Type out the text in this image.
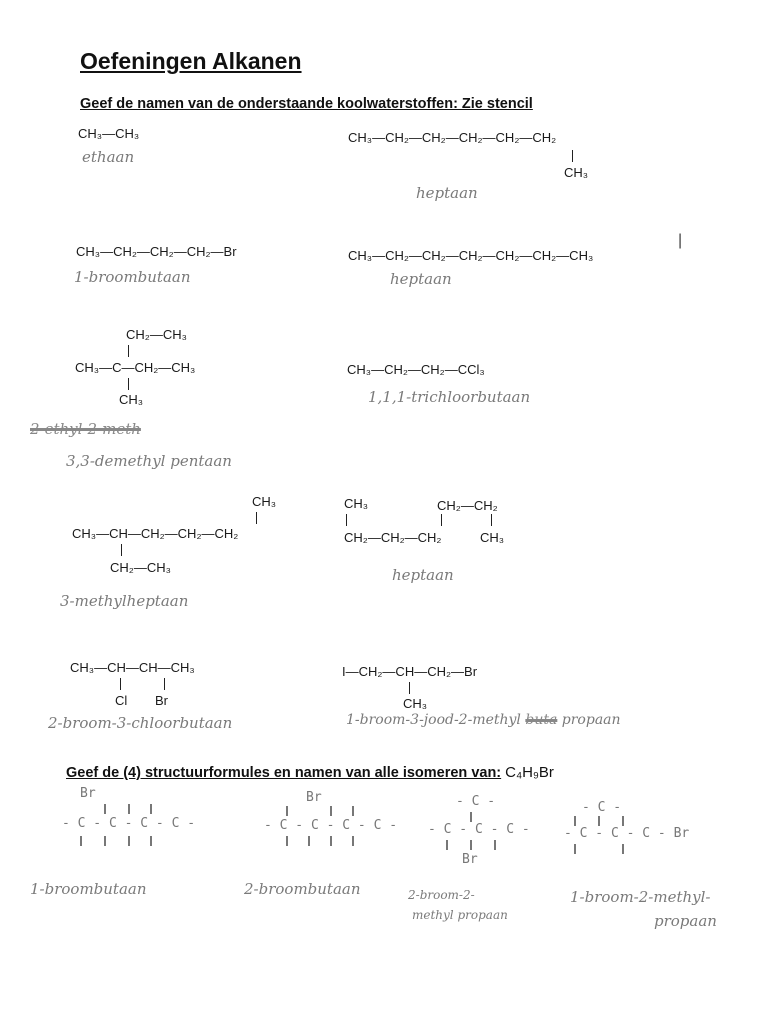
Oefeningen Alkanen
Geef de namen van de onderstaande koolwaterstoffen: Zie stencil
CH₃—CH₃
ethaan
CH₃—CH₂—CH₂—CH₂—CH₂—CH₂
CH₃
heptaan
CH₃—CH₂—CH₂—CH₂—Br
1-broombutaan
CH₃—CH₂—CH₂—CH₂—CH₂—CH₂—CH₃
heptaan
|
CH₂—CH₃
CH₃—C—CH₂—CH₃
CH₃
2-ethyl-2-meth
3,3-demethyl pentaan
CH₃—CH₂—CH₂—CCl₃
1,1,1-trichloorbutaan
CH₃
CH₃—CH—CH₂—CH₂—CH₂
CH₂—CH₃
3-methylheptaan
CH₃	CH₂—CH₂
CH₂—CH₂—CH₂	CH₃
heptaan
CH₃—CH—CH—CH₃
Cl Br
2-broom-3-chloorbutaan
I—CH₂—CH—CH₂—Br
CH₃
1-broom-3-jood-2-methyl buta propaan
Geef de (4) structuurformules en namen van alle isomeren van: C₄H₉Br
Br
- C - C - C - C -
1-broombutaan
Br
- C - C - C - C -
2-broombutaan
- C -
- C - C - C -
Br
2-broom-2-
methyl propaan
- C -
- C - C - C - Br
1-broom-2-methyl-
propaan
